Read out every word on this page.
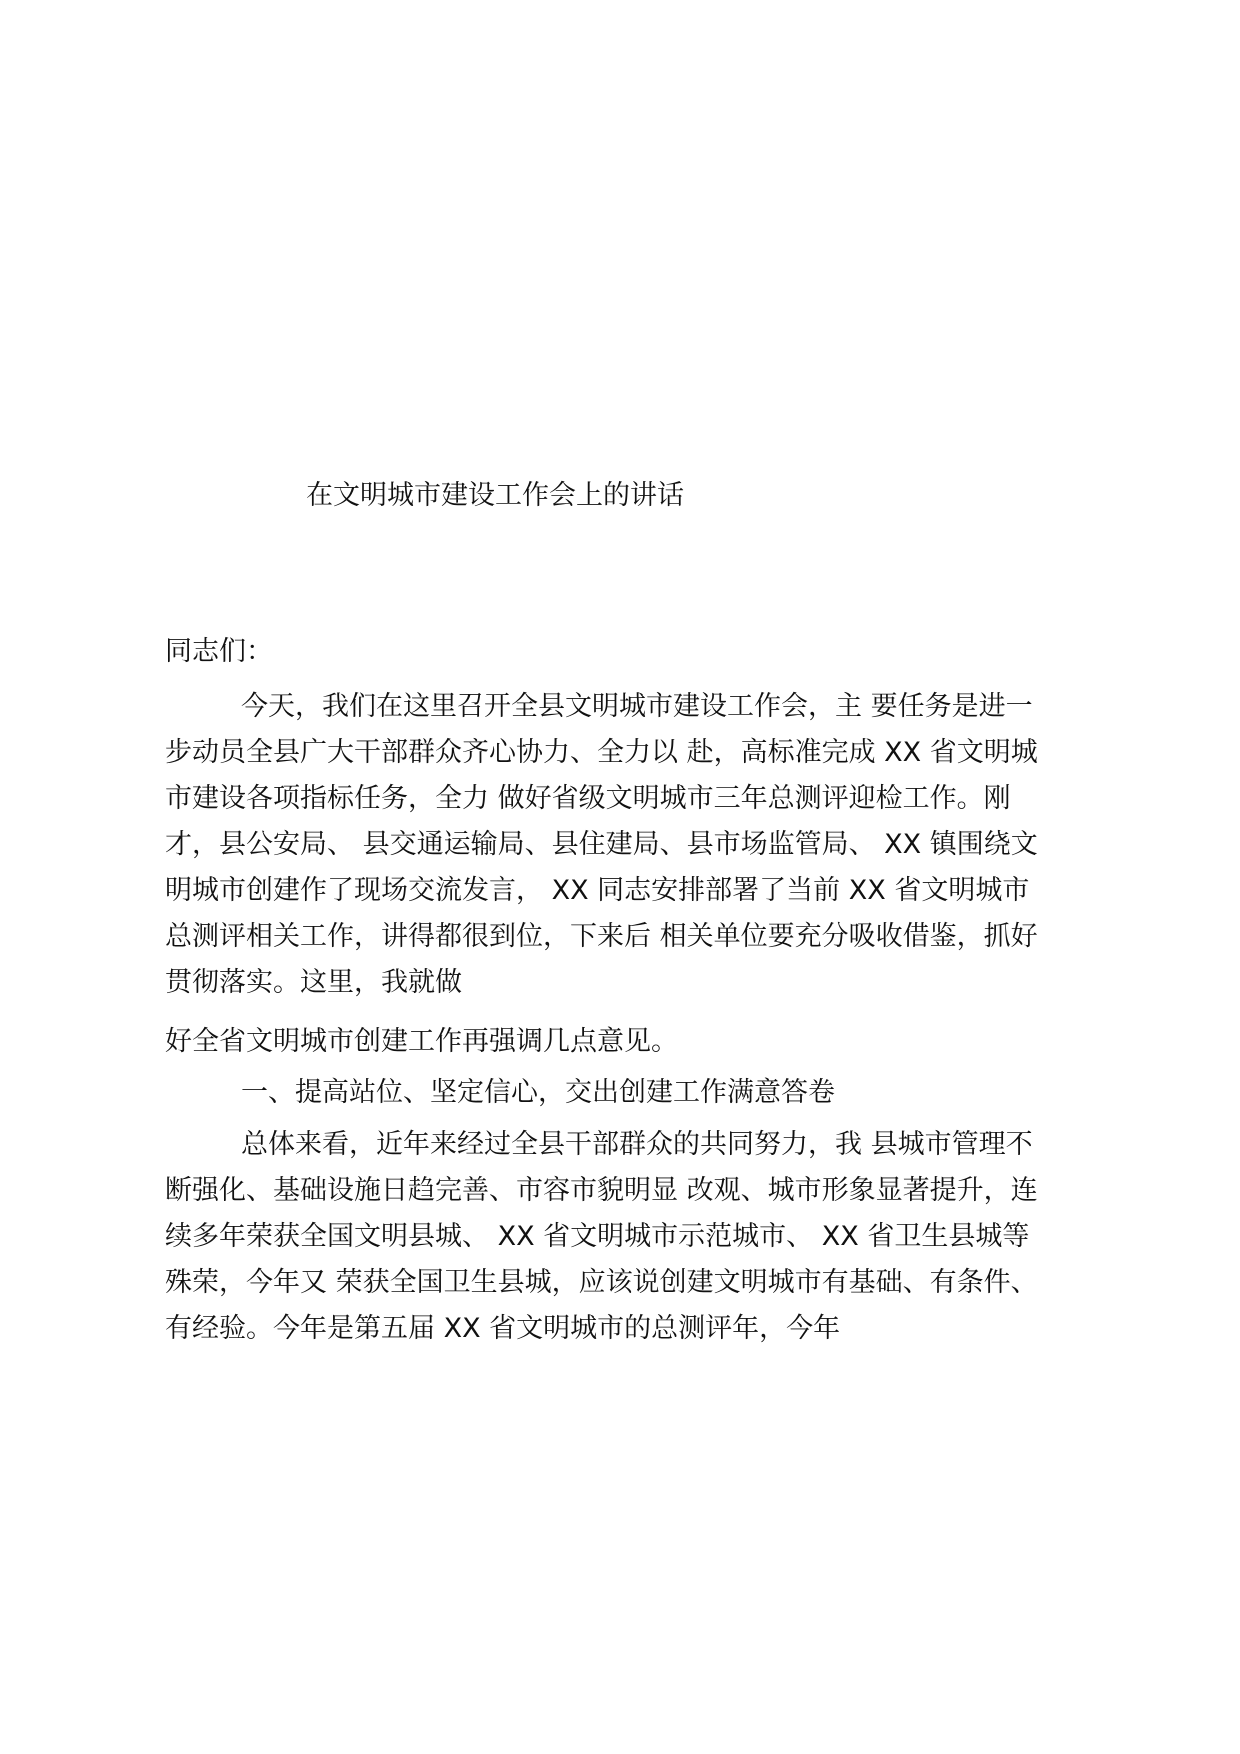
在文明城市建设工作会上的讲话
同志们：
今天，我们在这里召开全县文明城市建设工作会，主 要任务是进一
步动员全县广大干部群众齐心协力、全力以 赴，高标准完成 XX 省文明城
市建设各项指标任务，全力 做好省级文明城市三年总测评迎检工作。刚
才，县公安局、 县交通运输局、县住建局、县市场监管局、 XX 镇围绕文
明城市创建作了现场交流发言， XX 同志安排部署了当前 XX 省文明城市
总测评相关工作，讲得都很到位，下来后 相关单位要充分吸收借鉴，抓好
贯彻落实。这里，我就做
好全省文明城市创建工作再强调几点意见。
一、提高站位、坚定信心，交出创建工作满意答卷
总体来看，近年来经过全县干部群众的共同努力，我 县城市管理不
断强化、基础设施日趋完善、市容市貌明显 改观、城市形象显著提升，连
续多年荣获全国文明县城、 XX 省文明城市示范城市、 XX 省卫生县城等
殊荣，今年又 荣获全国卫生县城，应该说创建文明城市有基础、有条件、
有经验。今年是第五届 XX 省文明城市的总测评年，今年
